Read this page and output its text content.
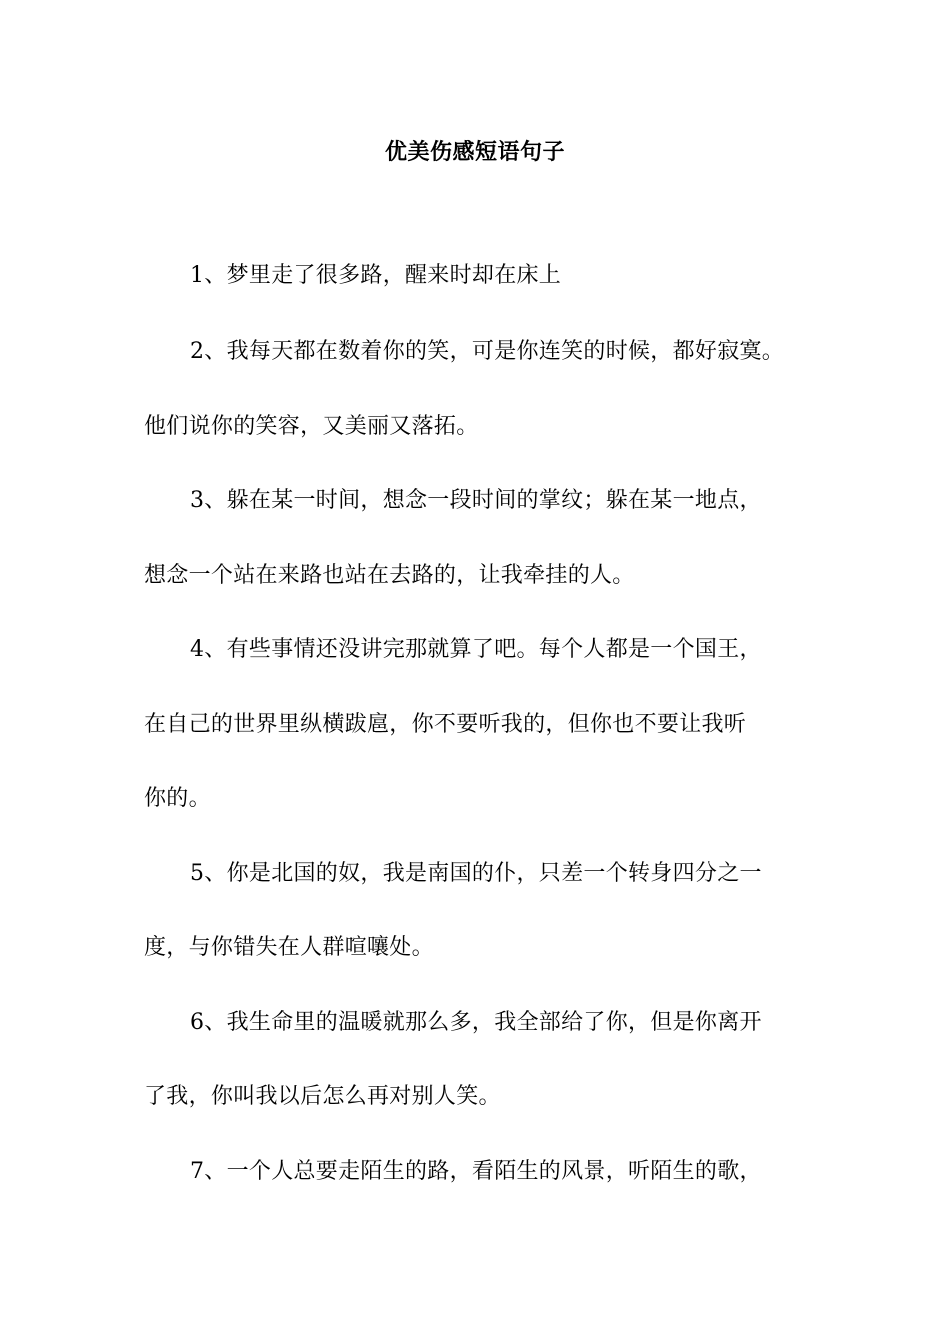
优美伤感短语句子
1、梦里走了很多路，醒来时却在床上
2、我每天都在数着你的笑，可是你连笑的时候，都好寂寞。
他们说你的笑容，又美丽又落拓。
3、躲在某一时间，想念一段时间的掌纹；躲在某一地点，
想念一个站在来路也站在去路的，让我牵挂的人。
4、有些事情还没讲完那就算了吧。每个人都是一个国王，
在自己的世界里纵横跋扈，你不要听我的，但你也不要让我听
你的。
5、你是北国的奴，我是南国的仆，只差一个转身四分之一
度，与你错失在人群喧嚷处。
6、我生命里的温暖就那么多，我全部给了你，但是你离开
了我，你叫我以后怎么再对别人笑。
7、一个人总要走陌生的路，看陌生的风景，听陌生的歌，
